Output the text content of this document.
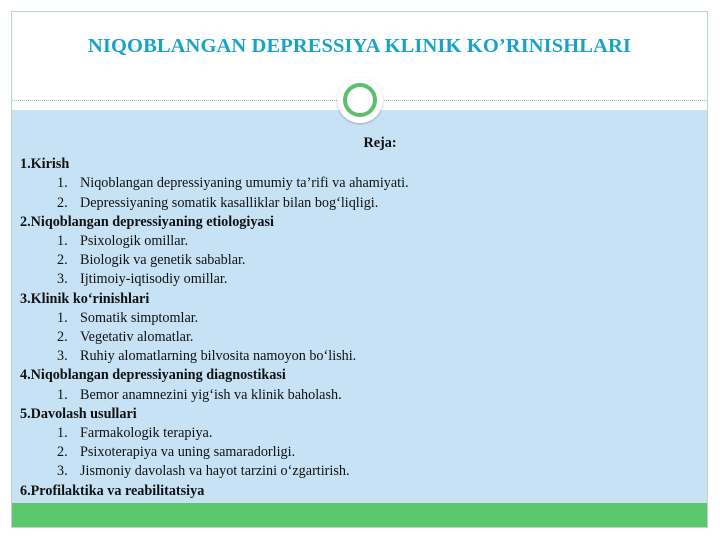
NIQOBLANGAN DEPRESSIYA KLINIK KO’RINISHLARI
Reja:
1.Kirish
1. Niqoblangan depressiyaning umumiy ta’rifi va ahamiyati.
2. Depressiyaning somatik kasalliklar bilan bog‘liqligi.
2.Niqoblangan depressiyaning etiologiyasi
1. Psixologik omillar.
2. Biologik va genetik sabablar.
3. Ijtimoiy-iqtisodiy omillar.
3.Klinik ko‘rinishlari
1. Somatik simptomlar.
2. Vegetativ alomatlar.
3. Ruhiy alomatlarning bilvosita namoyon bo‘lishi.
4.Niqoblangan depressiyaning diagnostikasi
1. Bemor anamnezini yig‘ish va klinik baholash.
5.Davolash usullari
1. Farmakologik terapiya.
2. Psixoterapiya va uning samaradorligi.
3. Jismoniy davolash va hayot tarzini o‘zgartirish.
6.Profilaktika va reabilitatsiya
